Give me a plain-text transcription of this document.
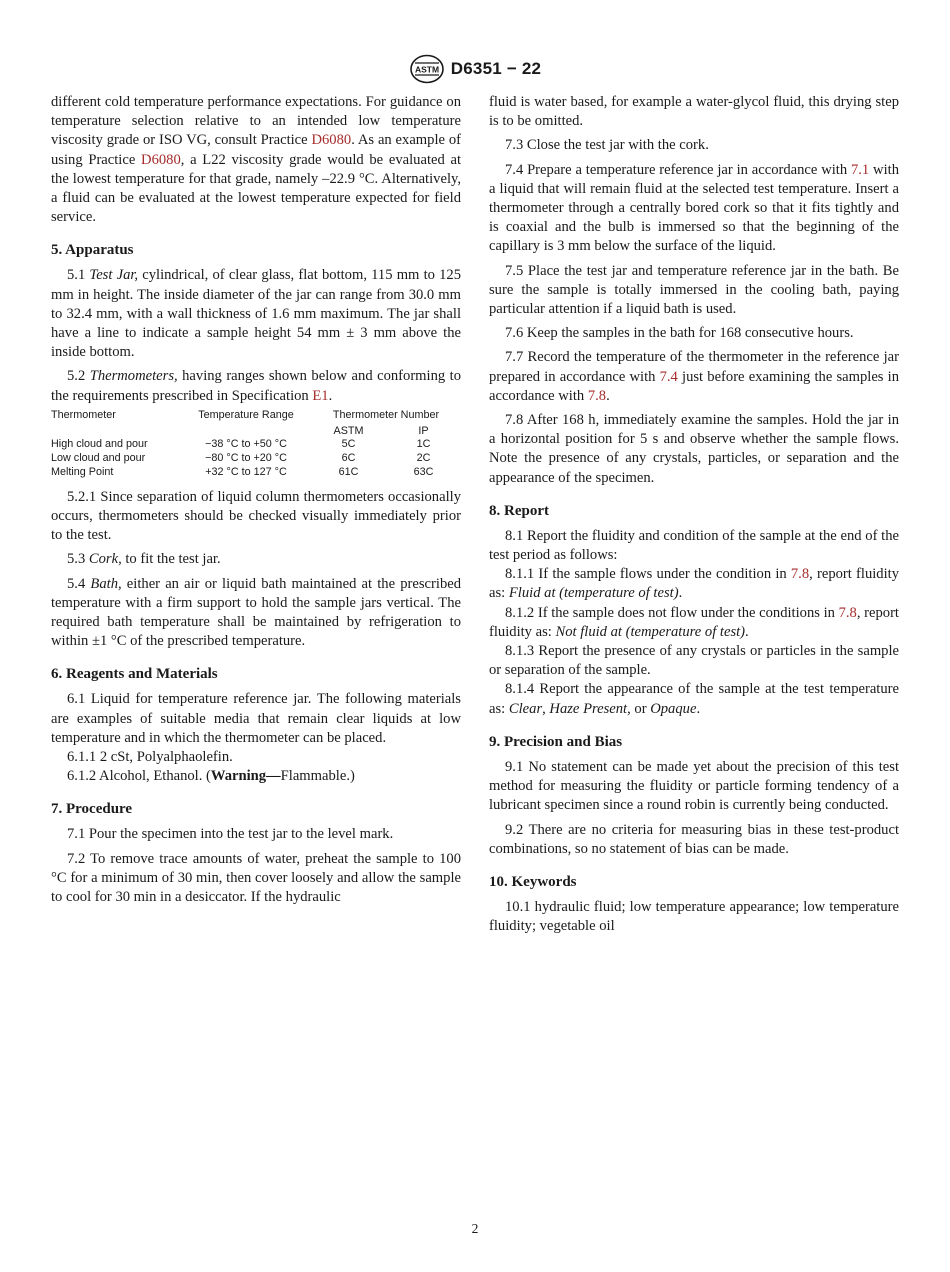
ASTM D6351 − 22

different cold temperature performance expectations. For guidance on temperature selection relative to an intended low temperature viscosity grade or ISO VG, consult Practice D6080. As an example of using Practice D6080, a L22 viscosity grade would be evaluated at the lowest temperature for that grade, namely –22.9 °C. Alternatively, a fluid can be evaluated at the lowest temperature expected for field service.

5. Apparatus

5.1 Test Jar, cylindrical, of clear glass, flat bottom, 115 mm to 125 mm in height. The inside diameter of the jar can range from 30.0 mm to 32.4 mm, with a wall thickness of 1.6 mm maximum. The jar shall have a line to indicate a sample height 54 mm ± 3 mm above the inside bottom.

5.2 Thermometers, having ranges shown below and conforming to the requirements prescribed in Specification E1.

Thermometer	Temperature Range	Thermometer Number	
		ASTM	IP
High cloud and pour	−38 °C to +50 °C	5C	1C
Low cloud and pour	−80 °C to +20 °C	6C	2C
Melting Point	+32 °C to 127 °C	61C	63C

5.2.1 Since separation of liquid column thermometers occasionally occurs, thermometers should be checked visually immediately prior to the test.

5.3 Cork, to fit the test jar.

5.4 Bath, either an air or liquid bath maintained at the prescribed temperature with a firm support to hold the sample jars vertical. The required bath temperature shall be maintained by refrigeration to within ±1 °C of the prescribed temperature.

6. Reagents and Materials

6.1 Liquid for temperature reference jar. The following materials are examples of suitable media that remain clear liquids at low temperature and in which the thermometer can be placed.

6.1.1 2 cSt, Polyalphaolefin.

6.1.2 Alcohol, Ethanol. (Warning—Flammable.)

7. Procedure

7.1 Pour the specimen into the test jar to the level mark.

7.2 To remove trace amounts of water, preheat the sample to 100 °C for a minimum of 30 min, then cover loosely and allow the sample to cool for 30 min in a desiccator. If the hydraulic

fluid is water based, for example a water-glycol fluid, this drying step is to be omitted.

7.3 Close the test jar with the cork.

7.4 Prepare a temperature reference jar in accordance with 7.1 with a liquid that will remain fluid at the selected test temperature. Insert a thermometer through a centrally bored cork so that it fits tightly and is coaxial and the bulb is immersed so that the beginning of the capillary is 3 mm below the surface of the liquid.

7.5 Place the test jar and temperature reference jar in the bath. Be sure the sample is totally immersed in the cooling bath, paying particular attention if a liquid bath is used.

7.6 Keep the samples in the bath for 168 consecutive hours.

7.7 Record the temperature of the thermometer in the reference jar prepared in accordance with 7.4 just before examining the samples in accordance with 7.8.

7.8 After 168 h, immediately examine the samples. Hold the jar in a horizontal position for 5 s and observe whether the sample flows. Note the presence of any crystals, particles, or separation and the appearance of the specimen.

8. Report

8.1 Report the fluidity and condition of the sample at the end of the test period as follows:

8.1.1 If the sample flows under the condition in 7.8, report fluidity as: Fluid at (temperature of test).

8.1.2 If the sample does not flow under the conditions in 7.8, report fluidity as: Not fluid at (temperature of test).

8.1.3 Report the presence of any crystals or particles in the sample or separation of the sample.

8.1.4 Report the appearance of the sample at the test temperature as: Clear, Haze Present, or Opaque.

9. Precision and Bias

9.1 No statement can be made yet about the precision of this test method for measuring the fluidity or particle forming tendency of a lubricant specimen since a round robin is currently being conducted.

9.2 There are no criteria for measuring bias in these test-product combinations, so no statement of bias can be made.

10. Keywords

10.1 hydraulic fluid; low temperature appearance; low temperature fluidity; vegetable oil

2
